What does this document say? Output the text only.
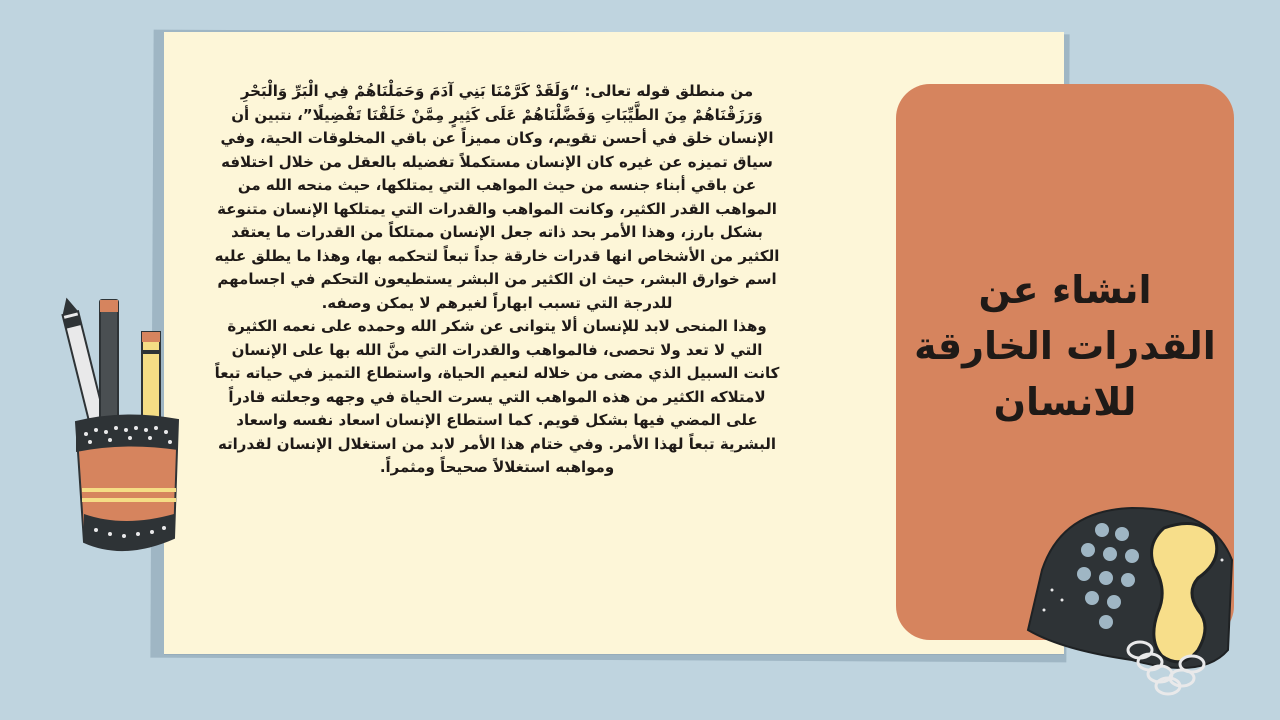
من منطلق قوله تعالى: “وَلَقَدْ كَرَّمْنَا بَنِي آدَمَ وَحَمَلْنَاهُمْ فِي الْبَرِّ وَالْبَحْرِ وَرَزَقْنَاهُمْ مِنَ الطَّيِّبَاتِ وَفَضَّلْنَاهُمْ عَلَى كَثِيرٍ مِمَّنْ خَلَقْنَا تَفْضِيلًا”، نتبين أن الإنسان خلق في أحسن تقويم، وكان مميزاً عن باقي المخلوقات الحية، وفي سياق تميزه عن غيره كان الإنسان مستكملاً تفضيله بالعقل من خلال اختلافه عن باقي أبناء جنسه من حيث المواهب التي يمتلكها، حيث منحه الله من المواهب القدر الكثير، وكانت المواهب والقدرات التي يمتلكها الإنسان متنوعة بشكل بارز، وهذا الأمر بحد ذاته جعل الإنسان ممتلكاً من القدرات ما يعتقد الكثير من الأشخاص انها قدرات خارقة جداً تبعاً لتحكمه بها، وهذا ما يطلق عليه اسم خوارق البشر، حيث ان الكثير من البشر يستطيعون التحكم في اجسامهم للدرجة التي تسبب ابهاراً لغيرهم لا يمكن وصفه.

وهذا المنحى لابد للإنسان ألا يتوانى عن شكر الله وحمده على نعمه الكثيرة التي لا تعد ولا تحصى، فالمواهب والقدرات التي منَّ الله بها على الإنسان كانت السبيل الذي مضى من خلاله لنعيم الحياة، واستطاع التميز في حياته تبعاً لامتلاكه الكثير من هذه المواهب التي يسرت الحياة في وجهه وجعلته قادراً على المضي فيها بشكل قويم. كما استطاع الإنسان اسعاد نفسه واسعاد البشرية تبعاً لهذا الأمر. وفي ختام هذا الأمر لابد من استغلال الإنسان لقدراته ومواهبه استغلالاً صحيحاً ومثمراً.

انشاء عن
القدرات الخارقة
للانسان
